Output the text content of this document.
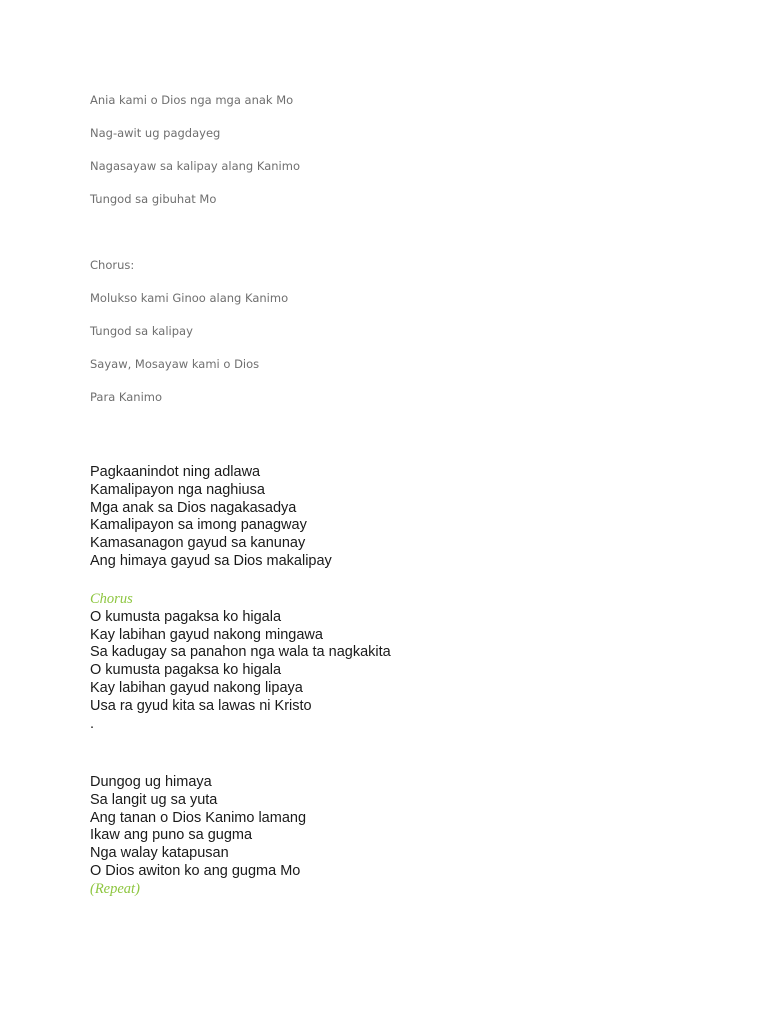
Ania kami o Dios nga mga anak Mo
Nag-awit ug pagdayeg
Nagasayaw sa kalipay alang Kanimo
Tungod sa gibuhat Mo
Chorus:
Molukso kami Ginoo alang Kanimo
Tungod sa kalipay
Sayaw, Mosayaw kami o Dios
Para Kanimo
Pagkaanindot ning adlawa
Kamalipayon nga naghiusa
Mga anak sa Dios nagakasadya
Kamalipayon sa imong panagway
Kamasanagon gayud sa kanunay
Ang himaya gayud sa Dios makalipay
Chorus
O kumusta pagaksa ko higala
Kay labihan gayud nakong mingawa
Sa kadugay sa panahon nga wala ta nagkakita
O kumusta pagaksa ko higala
Kay labihan gayud nakong lipaya
Usa ra gyud kita sa lawas ni Kristo
.
Dungog ug himaya
Sa langit ug sa yuta
Ang tanan o Dios Kanimo lamang
Ikaw ang puno sa gugma
Nga walay katapusan
O Dios awiton ko ang gugma Mo
(Repeat)
